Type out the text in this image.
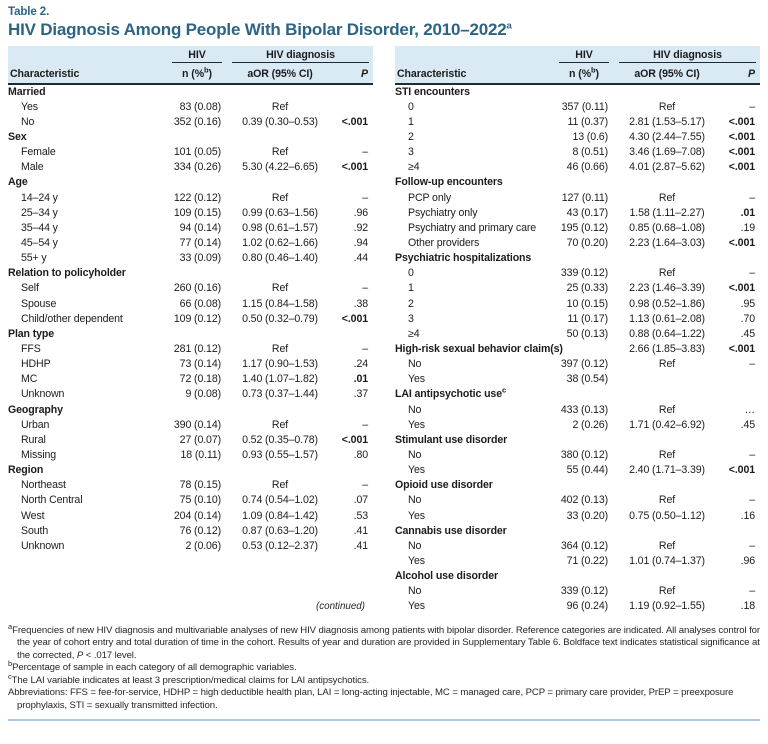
Table 2.
HIV Diagnosis Among People With Bipolar Disorder, 2010–2022$^a$

	HIV	HIV diagnosis	

Characteristic	n (%$^b$)	aOR (95% CI)	P
Married			
Yes	83 (0.08)	Ref	
No	352 (0.16)	0.39 (0.30–0.53)	<.001
Sex			
Female	101 (0.05)	Ref	–
Male	334 (0.26)	5.30 (4.22–6.65)	<.001
Age			
14–24 y	122 (0.12)	Ref	–
25–34 y	109 (0.15)	0.99 (0.63–1.56)	.96
35–44 y	94 (0.14)	0.98 (0.61–1.57)	.92
45–54 y	77 (0.14)	1.02 (0.62–1.66)	.94
55+ y	33 (0.09)	0.80 (0.46–1.40)	.44
Relation to policyholder			
Self	260 (0.16)	Ref	–
Spouse	66 (0.08)	1.15 (0.84–1.58)	.38
Child/other dependent	109 (0.12)	0.50 (0.32–0.79)	<.001
Plan type			
FFS	281 (0.12)	Ref	–
HDHP	73 (0.14)	1.17 (0.90–1.53)	.24
MC	72 (0.18)	1.40 (1.07–1.82)	.01
Unknown	9 (0.08)	0.73 (0.37–1.44)	.37
Geography			
Urban	390 (0.14)	Ref	–
Rural	27 (0.07)	0.52 (0.35–0.78)	<.001
Missing	18 (0.11)	0.93 (0.55–1.57)	.80
Region			
Northeast	78 (0.15)	Ref	–
North Central	75 (0.10)	0.74 (0.54–1.02)	.07
West	204 (0.14)	1.09 (0.84–1.42)	.53
South	76 (0.12)	0.87 (0.63–1.20)	.41
Unknown	2 (0.06)	0.53 (0.12–2.37)	.41
(continued)

	HIV	HIV diagnosis	

Characteristic	n (%$^b$)	aOR (95% CI)	P
STI encounters			
0	357 (0.11)	Ref	–
1	11 (0.37)	2.81 (1.53–5.17)	<.001
2	13 (0.6)	4.30 (2.44–7.55)	<.001
3	8 (0.51)	3.46 (1.69–7.08)	<.001
≥4	46 (0.66)	4.01 (2.87–5.62)	<.001
Follow-up encounters			
PCP only	127 (0.11)	Ref	–
Psychiatry only	43 (0.17)	1.58 (1.11–2.27)	.01
Psychiatry and primary care	195 (0.12)	0.85 (0.68–1.08)	.19
Other providers	70 (0.20)	2.23 (1.64–3.03)	<.001
Psychiatric hospitalizations			
0	339 (0.12)	Ref	–
1	25 (0.33)	2.23 (1.46–3.39)	<.001
2	10 (0.15)	0.98 (0.52–1.86)	.95
3	11 (0.17)	1.13 (0.61–2.08)	.70
≥4	50 (0.13)	0.88 (0.64–1.22)	.45
High-risk sexual behavior claim(s)		2.66 (1.85–3.83)	<.001
No	397 (0.12)	Ref	–
Yes	38 (0.54)		
LAI antipsychotic use$^c$			
No	433 (0.13)	Ref	…
Yes	2 (0.26)	1.71 (0.42–6.92)	.45
Stimulant use disorder			
No	380 (0.12)	Ref	–
Yes	55 (0.44)	2.40 (1.71–3.39)	<.001
Opioid use disorder			
No	402 (0.13)	Ref	–
Yes	33 (0.20)	0.75 (0.50–1.12)	.16
Cannabis use disorder			
No	364 (0.12)	Ref	–
Yes	71 (0.22)	1.01 (0.74–1.37)	.96
Alcohol use disorder			
No	339 (0.12)	Ref	–
Yes	96 (0.24)	1.19 (0.92–1.55)	.18
$^a$Frequencies of new HIV diagnosis and multivariable analyses of new HIV diagnosis among patients with bipolar disorder. Reference categories are indicated. All analyses control for the year of cohort entry and total duration of time in the cohort. Results of year and duration are provided in Supplementary Table 6. Boldface text indicates statistical significance at the corrected, P < .017 level.
$^b$Percentage of sample in each category of all demographic variables.
$^c$The LAI variable indicates at least 3 prescription/medical claims for LAI antipsychotics.
Abbreviations: FFS = fee-for-service, HDHP = high deductible health plan, LAI = long-acting injectable, MC = managed care, PCP = primary care provider, PrEP = preexposure prophylaxis, STI = sexually transmitted infection.
